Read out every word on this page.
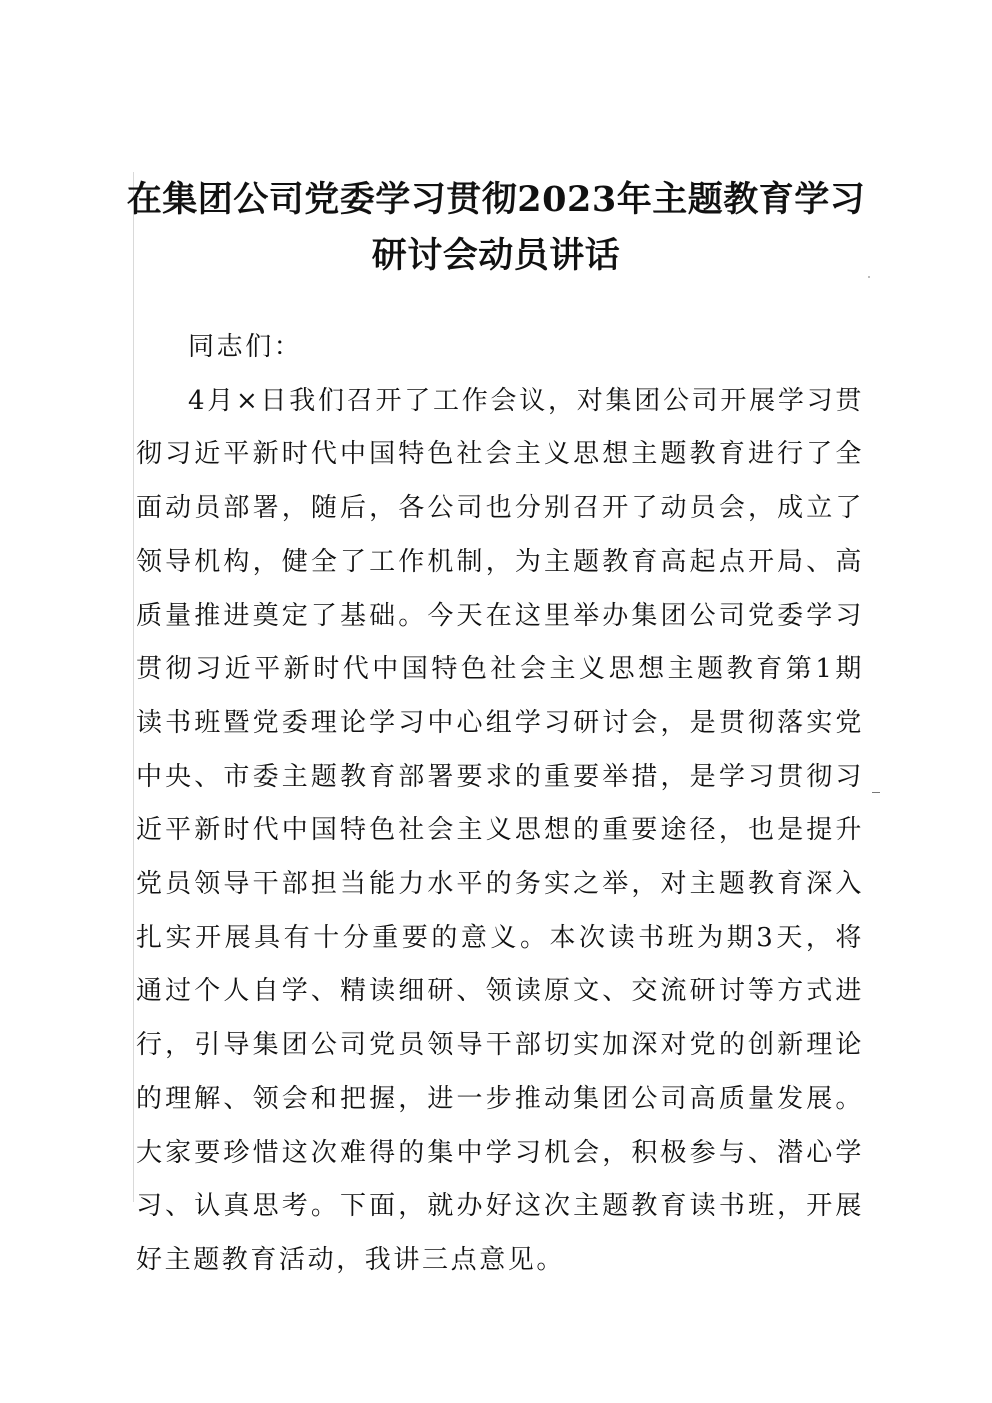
在集团公司党委学习贯彻2023年主题教育学习研讨会动员讲话

同志们：

4月×日我们召开了工作会议，对集团公司开展学习贯彻习近平新时代中国特色社会主义思想主题教育进行了全面动员部署，随后，各公司也分别召开了动员会，成立了领导机构，健全了工作机制，为主题教育高起点开局、高质量推进奠定了基础。今天在这里举办集团公司党委学习贯彻习近平新时代中国特色社会主义思想主题教育第1期读书班暨党委理论学习中心组学习研讨会，是贯彻落实党中央、市委主题教育部署要求的重要举措，是学习贯彻习近平新时代中国特色社会主义思想的重要途径，也是提升党员领导干部担当能力水平的务实之举，对主题教育深入扎实开展具有十分重要的意义。本次读书班为期3天，将通过个人自学、精读细研、领读原文、交流研讨等方式进行，引导集团公司党员领导干部切实加深对党的创新理论的理解、领会和把握，进一步推动集团公司高质量发展。大家要珍惜这次难得的集中学习机会，积极参与、潜心学习、认真思考。下面，就办好这次主题教育读书班，开展好主题教育活动，我讲三点意见。
